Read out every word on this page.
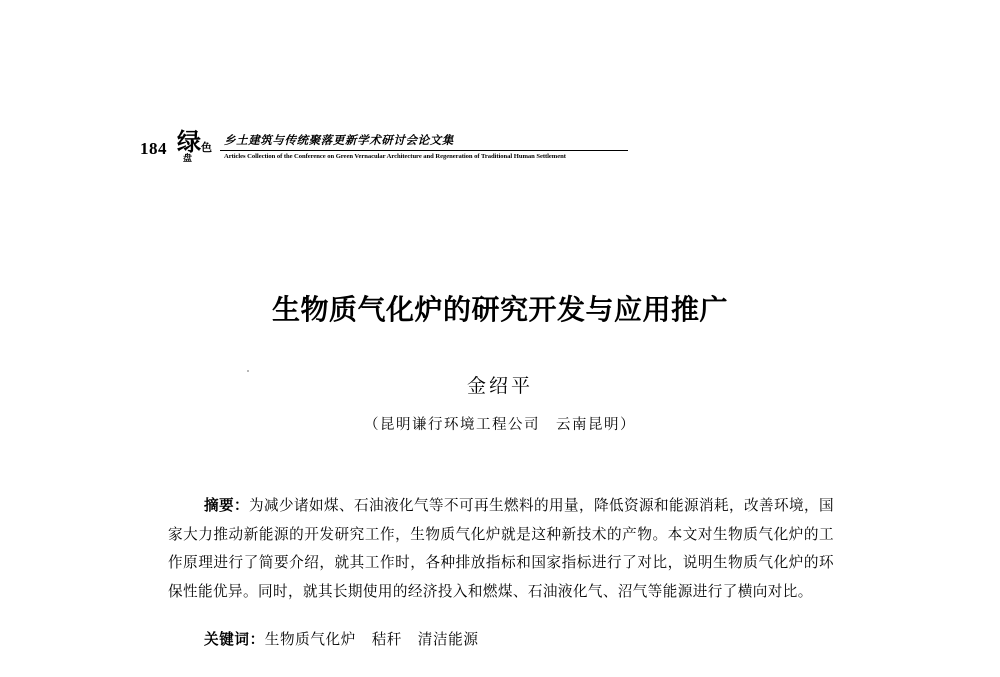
184 绿 色
盘
乡土建筑与传统聚落更新学术研讨会论文集
Articles Collection of the Conference on Green Vernacular Architecture and Regeneration of Traditional Human Settlement
生物质气化炉的研究开发与应用推广
金绍平
（昆明谦行环境工程公司　云南昆明）

摘要：为减少诸如煤、石油液化气等不可再生燃料的用量，降低资源和能源消耗，改善环境，国家大力推动新能源的开发研究工作，生物质气化炉就是这种新技术的产物。本文对生物质气化炉的工作原理进行了简要介绍，就其工作时，各种排放指标和国家指标进行了对比，说明生物质气化炉的环保性能优异。同时，就其长期使用的经济投入和燃煤、石油液化气、沼气等能源进行了横向对比。

关键词：生物质气化炉 秸秆 清洁能源
